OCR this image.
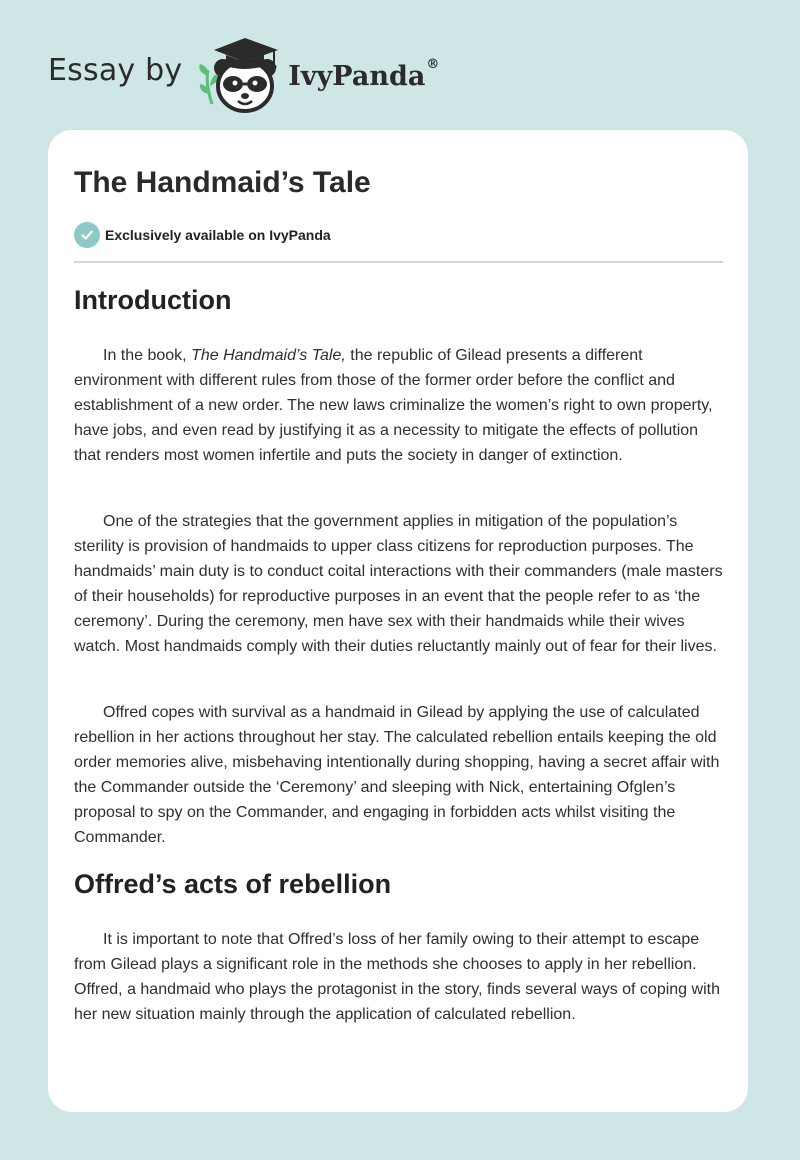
Essay by	IvyPanda®
The Handmaid’s Tale
Exclusively available on IvyPanda
Introduction

In the book, The Handmaid’s Tale, the republic of Gilead presents a different environment with different rules from those of the former order before the conflict and establishment of a new order. The new laws criminalize the women’s right to own property, have jobs, and even read by justifying it as a necessity to mitigate the effects of pollution that renders most women infertile and puts the society in danger of extinction.

One of the strategies that the government applies in mitigation of the population’s sterility is provision of handmaids to upper class citizens for reproduction purposes. The handmaids’ main duty is to conduct coital interactions with their commanders (male masters of their households) for reproductive purposes in an event that the people refer to as ‘the ceremony’. During the ceremony, men have sex with their handmaids while their wives watch. Most handmaids comply with their duties reluctantly mainly out of fear for their lives.

Offred copes with survival as a handmaid in Gilead by applying the use of calculated rebellion in her actions throughout her stay. The calculated rebellion entails keeping the old order memories alive, misbehaving intentionally during shopping, having a secret affair with the Commander outside the ‘Ceremony’ and sleeping with Nick, entertaining Ofglen’s proposal to spy on the Commander, and engaging in forbidden acts whilst visiting the Commander.

Offred’s acts of rebellion

It is important to note that Offred’s loss of her family owing to their attempt to escape from Gilead plays a significant role in the methods she chooses to apply in her rebellion. Offred, a handmaid who plays the protagonist in the story, finds several ways of coping with her new situation mainly through the application of calculated rebellion.
